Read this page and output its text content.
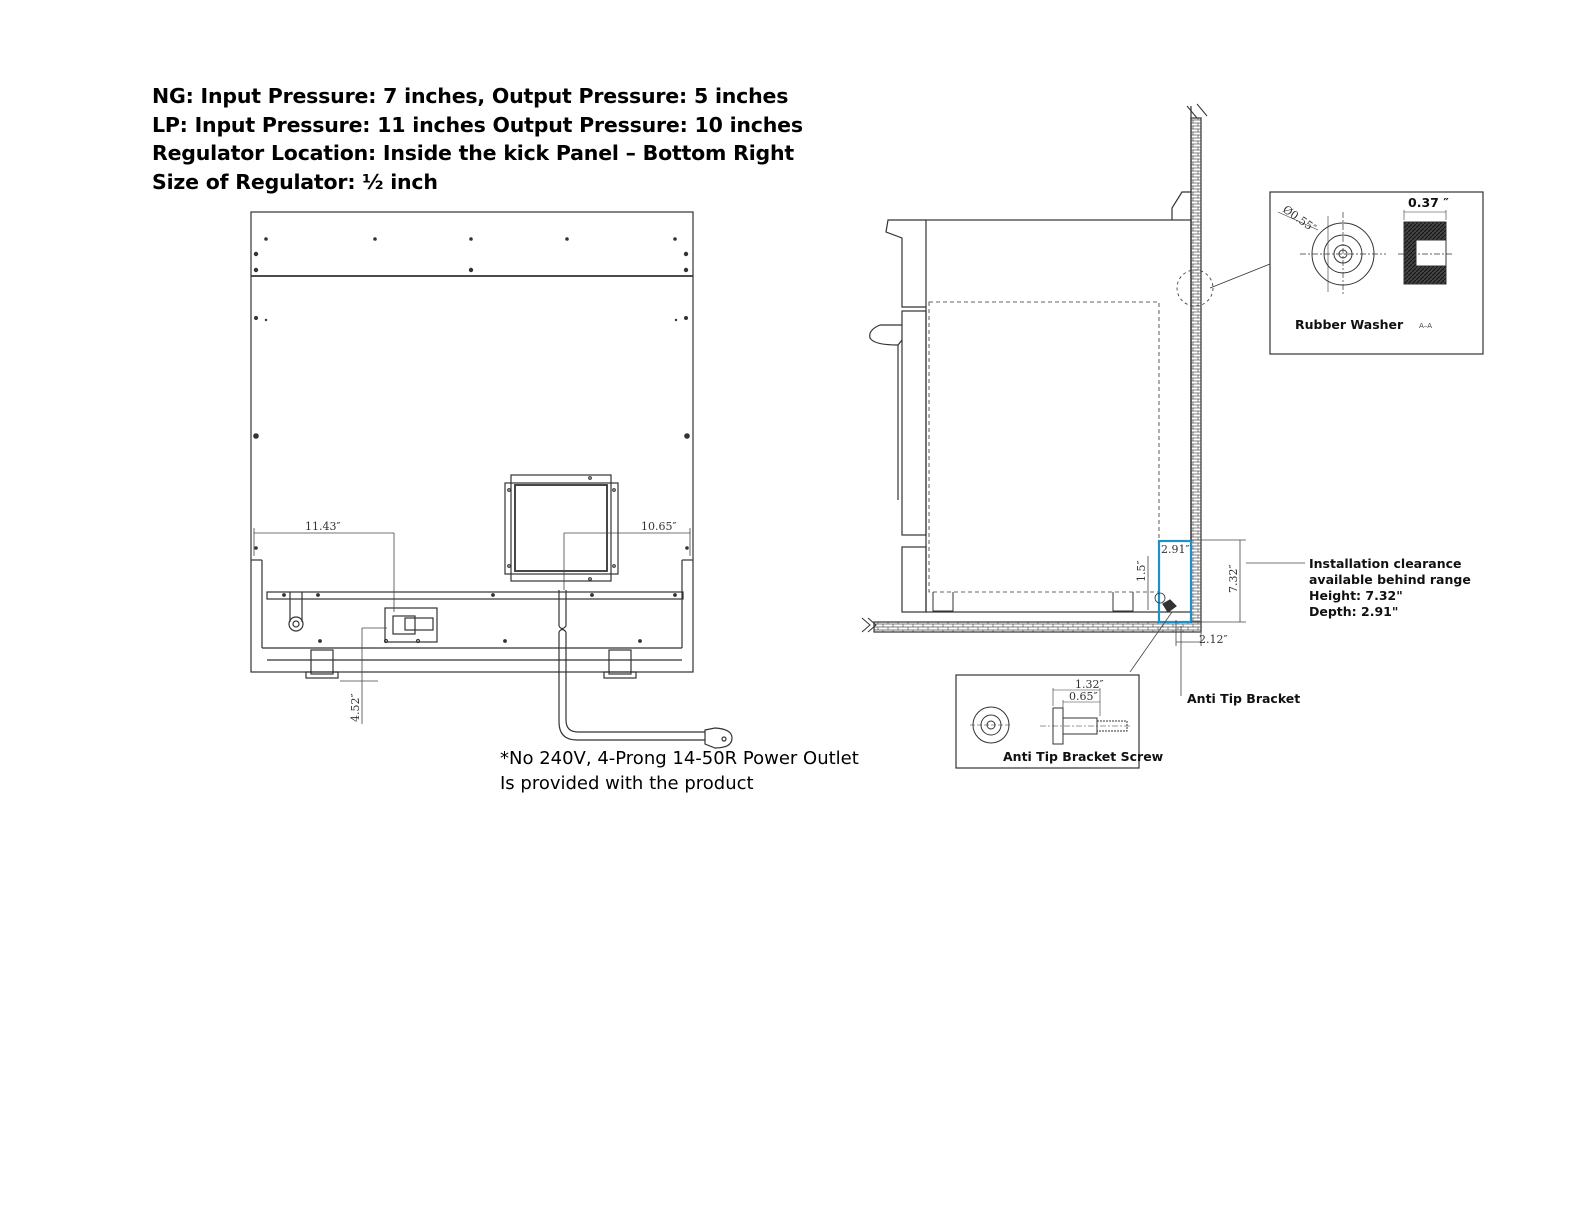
NG: Input Pressure: 7 inches, Output Pressure: 5 inches
LP: Input Pressure: 11 inches Output Pressure: 10 inches
Regulator Location: Inside the kick Panel – Bottom Right
Size of Regulator: ½ inch
11.43″	10.65″
4.52″
2.91″
1.5″	7.32″
2.12″
Installation clearance
available behind range
Height: 7.32"
Depth: 2.91"
Anti Tip Bracket
Ø0.55″
0.37 ″
Rubber Washer A–A
1.32″
0.65″
Anti Tip Bracket Screw
*No 240V, 4-Prong 14-50R Power Outlet
Is provided with the product
